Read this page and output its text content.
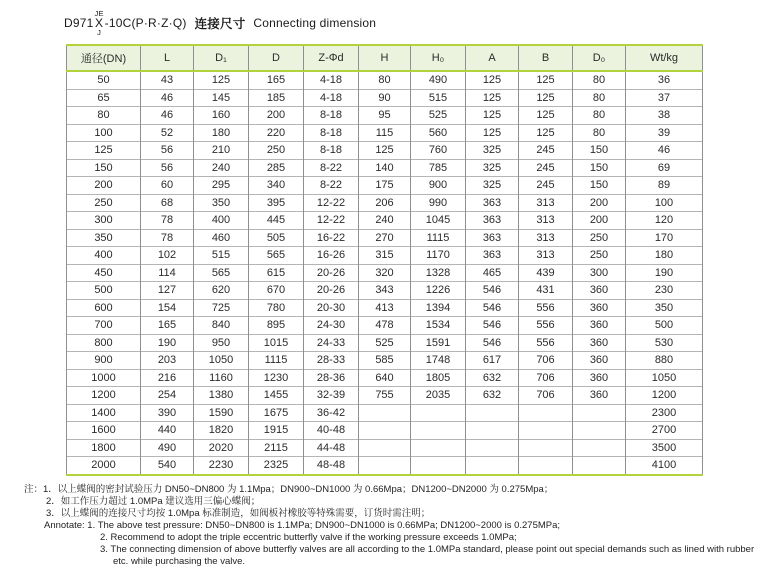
D971
JE
X
J
-10C(P·R·Z·Q) 连接尺寸 Connecting dimension
通径(DN)	L	D₁	D	Z-Φd	H	H₀	A	B	D₀	Wt/kg
50	43	125	165	4-18	80	490	125	125	80	36
65	46	145	185	4-18	90	515	125	125	80	37
80	46	160	200	8-18	95	525	125	125	80	38
100	52	180	220	8-18	115	560	125	125	80	39
125	56	210	250	8-18	125	760	325	245	150	46
150	56	240	285	8-22	140	785	325	245	150	69
200	60	295	340	8-22	175	900	325	245	150	89
250	68	350	395	12-22	206	990	363	313	200	100
300	78	400	445	12-22	240	1045	363	313	200	120
350	78	460	505	16-22	270	1115	363	313	250	170
400	102	515	565	16-26	315	1170	363	313	250	180
450	114	565	615	20-26	320	1328	465	439	300	190
500	127	620	670	20-26	343	1226	546	431	360	230
600	154	725	780	20-30	413	1394	546	556	360	350
700	165	840	895	24-30	478	1534	546	556	360	500
800	190	950	1015	24-33	525	1591	546	556	360	530
900	203	1050	1115	28-33	585	1748	617	706	360	880
1000	216	1160	1230	28-36	640	1805	632	706	360	1050
1200	254	1380	1455	32-39	755	2035	632	706	360	1200
1400	390	1590	1675	36-42						2300
1600	440	1820	1915	40-48						2700
1800	490	2020	2115	44-48						3500
2000	540	2230	2325	48-48						4100
注：1．以上蝶阀的密封试验压力 DN50~DN800 为 1.1Mpa；DN900~DN1000 为 0.66Mpa；DN1200~DN2000 为 0.275Mpa；
2．如工作压力超过 1.0MPa 建议选用三偏心蝶阀；
3．以上蝶阀的连接尺寸均按 1.0Mpa 标准制造，如阀板衬橡胶等特殊需要，订货时需注明；
Annotate: 1. The above test pressure: DN50~DN800 is 1.1MPa; DN900~DN1000 is 0.66MPa; DN1200~2000 is 0.275MPa;
2. Recommend to adopt the triple eccentric butterfly valve if the working pressure exceeds 1.0MPa;
3. The connecting dimension of above butterfly valves are all according to the 1.0MPa standard, please point out special demands such as lined with rubber
etc. while purchasing the valve.
